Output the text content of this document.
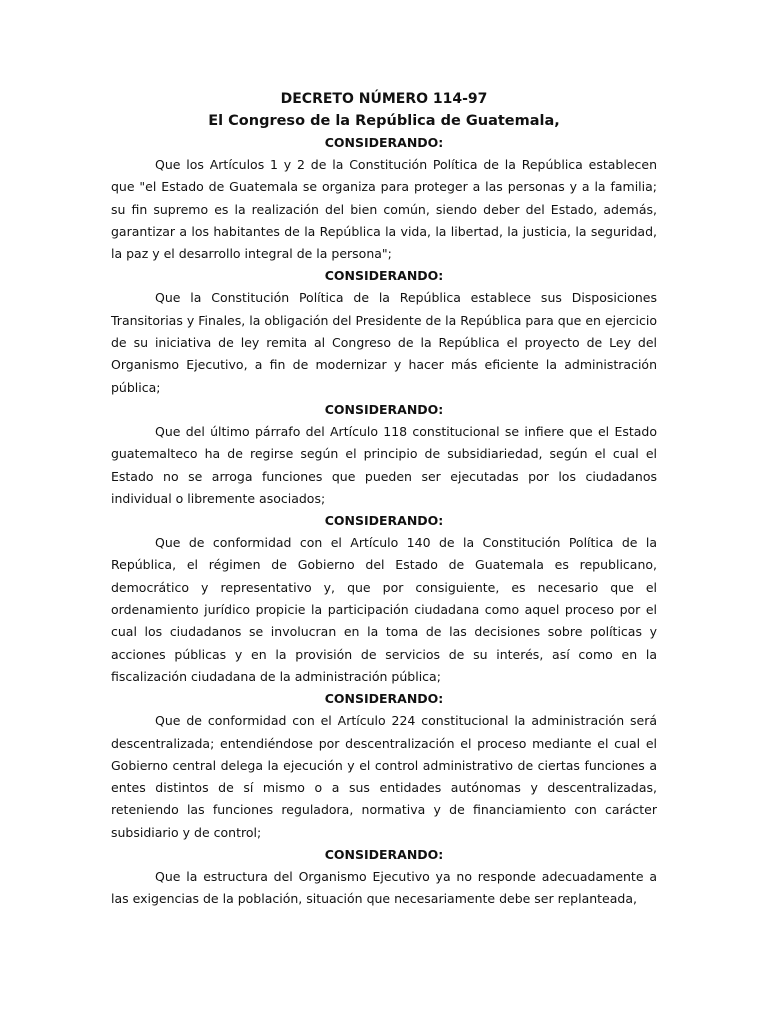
DECRETO NÚMERO 114-97

El Congreso de la República de Guatemala,

CONSIDERANDO:

Que los Artículos 1 y 2 de la Constitución Política de la República establecen que "el Estado de Guatemala se organiza para proteger a las personas y a la familia; su fin supremo es la realización del bien común, siendo deber del Estado, además, garantizar a los habitantes de la República la vida, la libertad, la justicia, la seguridad, la paz y el desarrollo integral de la persona";

CONSIDERANDO:

Que la Constitución Política de la República establece sus Disposiciones Transitorias y Finales, la obligación del Presidente de la República para que en ejercicio de su iniciativa de ley remita al Congreso de la República el proyecto de Ley del Organismo Ejecutivo, a fin de modernizar y hacer más eficiente la administración pública;

CONSIDERANDO:

Que del último párrafo del Artículo 118 constitucional se infiere que el Estado guatemalteco ha de regirse según el principio de subsidiariedad, según el cual el Estado no se arroga funciones que pueden ser ejecutadas por los ciudadanos individual o libremente asociados;

CONSIDERANDO:

Que de conformidad con el Artículo 140 de la Constitución Política de la República, el régimen de Gobierno del Estado de Guatemala es republicano, democrático y representativo y, que por consiguiente, es necesario que el ordenamiento jurídico propicie la participación ciudadana como aquel proceso por el cual los ciudadanos se involucran en la toma de las decisiones sobre políticas y acciones públicas y en la provisión de servicios de su interés, así como en la fiscalización ciudadana de la administración pública;

CONSIDERANDO:

Que de conformidad con el Artículo 224 constitucional la administración será descentralizada; entendiéndose por descentralización el proceso mediante el cual el Gobierno central delega la ejecución y el control administrativo de ciertas funciones a entes distintos de sí mismo o a sus entidades autónomas y descentralizadas, reteniendo las funciones reguladora, normativa y de financiamiento con carácter subsidiario y de control;

CONSIDERANDO:

Que la estructura del Organismo Ejecutivo ya no responde adecuadamente a las exigencias de la población, situación que necesariamente debe ser replanteada,
